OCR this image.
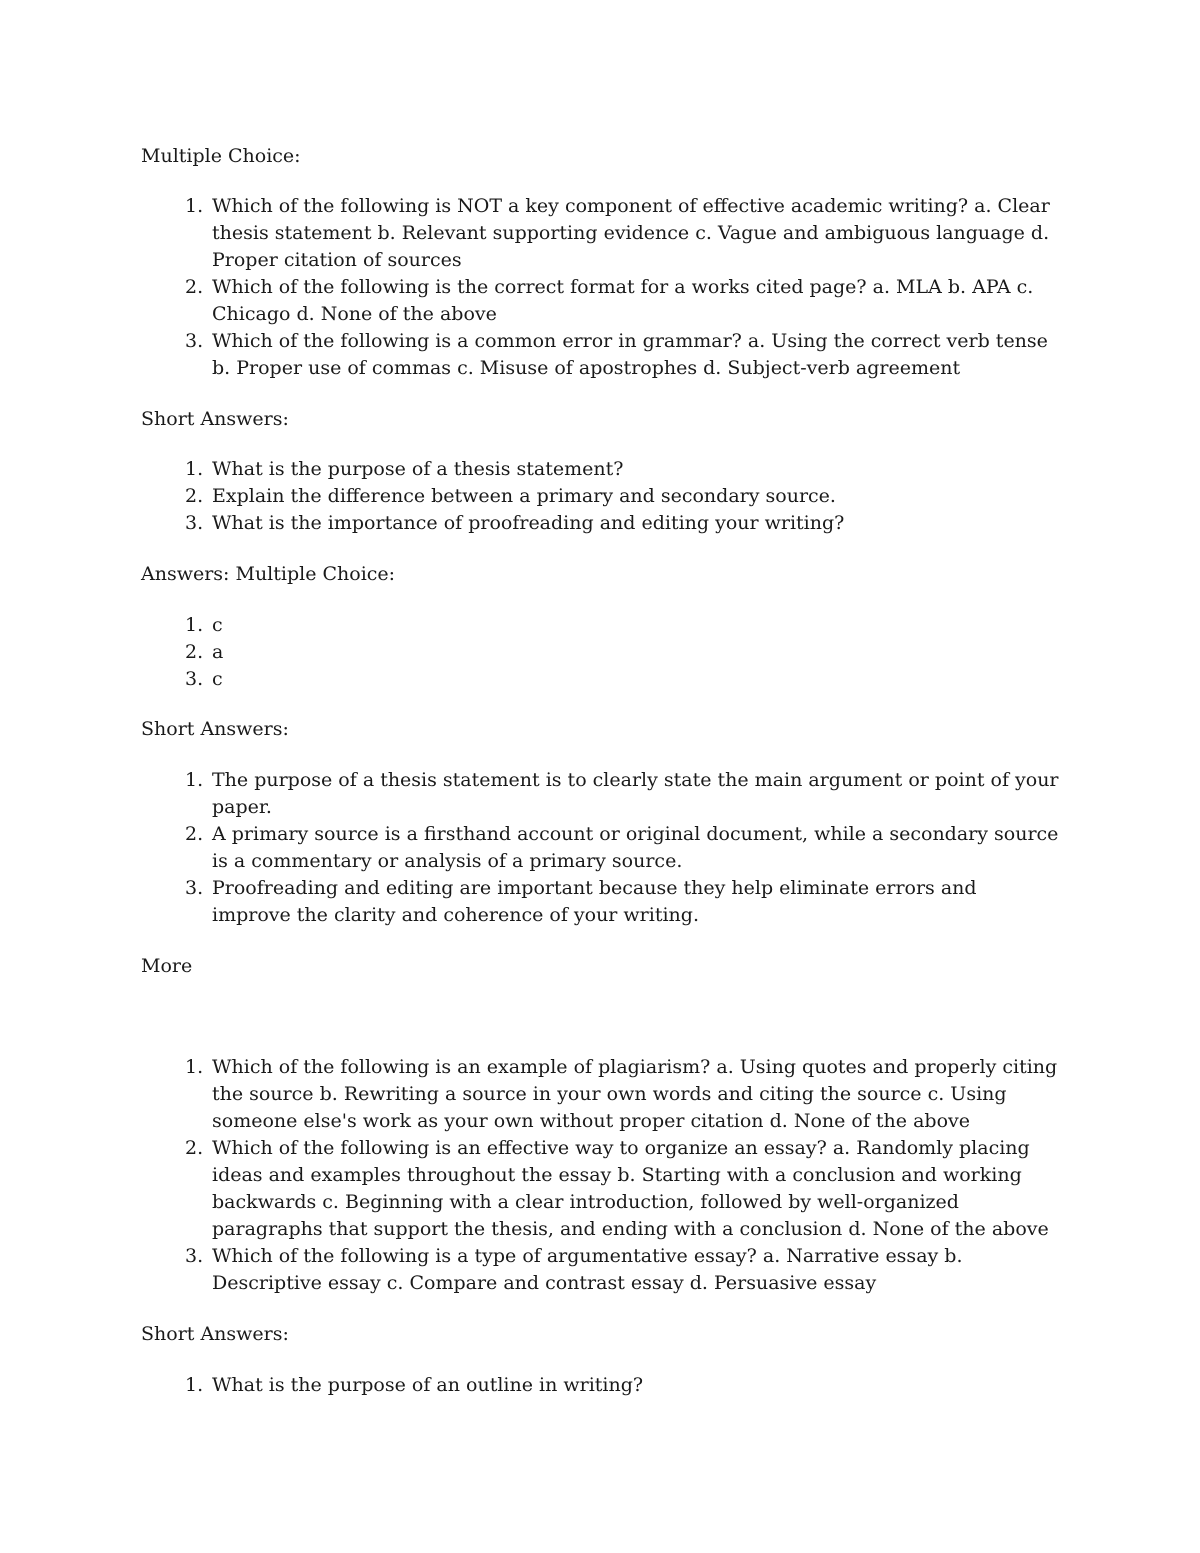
Multiple Choice:

1. Which of the following is NOT a key component of effective academic writing? a. Clear thesis statement b. Relevant supporting evidence c. Vague and ambiguous language d. Proper citation of sources
2. Which of the following is the correct format for a works cited page? a. MLA b. APA c. Chicago d. None of the above
3. Which of the following is a common error in grammar? a. Using the correct verb tense b. Proper use of commas c. Misuse of apostrophes d. Subject-verb agreement

Short Answers:

1. What is the purpose of a thesis statement?
2. Explain the difference between a primary and secondary source.
3. What is the importance of proofreading and editing your writing?

Answers: Multiple Choice:

1. c
2. a
3. c

Short Answers:

1. The purpose of a thesis statement is to clearly state the main argument or point of your paper.
2. A primary source is a firsthand account or original document, while a secondary source is a commentary or analysis of a primary source.
3. Proofreading and editing are important because they help eliminate errors and improve the clarity and coherence of your writing.

More

1. Which of the following is an example of plagiarism? a. Using quotes and properly citing the source b. Rewriting a source in your own words and citing the source c. Using someone else's work as your own without proper citation d. None of the above
2. Which of the following is an effective way to organize an essay? a. Randomly placing ideas and examples throughout the essay b. Starting with a conclusion and working backwards c. Beginning with a clear introduction, followed by well-organized paragraphs that support the thesis, and ending with a conclusion d. None of the above
3. Which of the following is a type of argumentative essay? a. Narrative essay b. Descriptive essay c. Compare and contrast essay d. Persuasive essay

Short Answers:

1. What is the purpose of an outline in writing?
